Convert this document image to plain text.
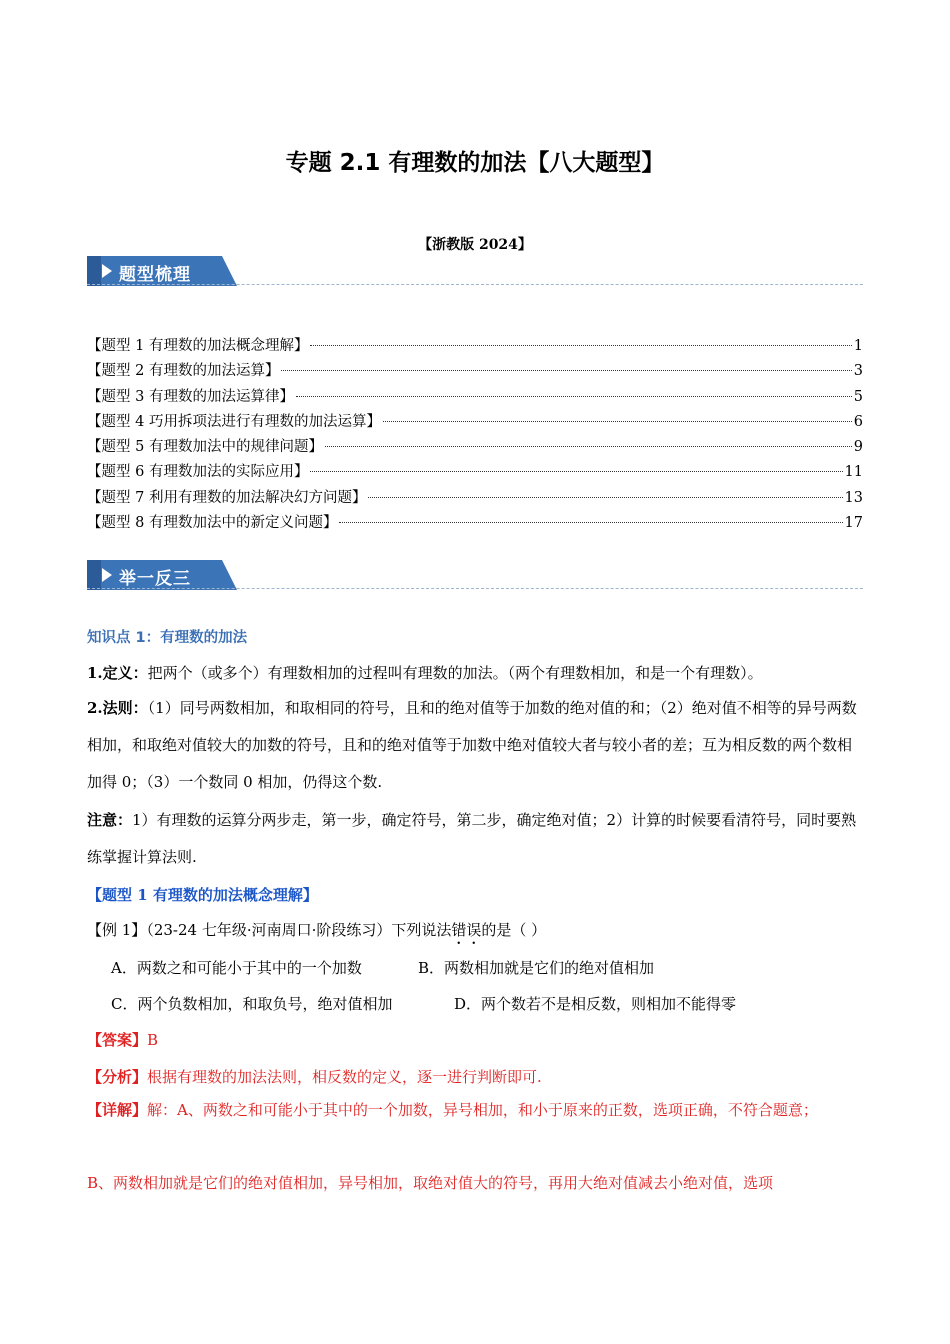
专题 2.1 有理数的加法【八大题型】
【浙教版 2024】
题型梳理
【题型 1 有理数的加法概念理解】	1
【题型 2 有理数的加法运算】	3
【题型 3 有理数的加法运算律】	5
【题型 4 巧用拆项法进行有理数的加法运算】	6
【题型 5 有理数加法中的规律问题】	9
【题型 6 有理数加法的实际应用】	11
【题型 7 利用有理数的加法解决幻方问题】	13
【题型 8 有理数加法中的新定义问题】	17
举一反三
知识点 1：有理数的加法
1.定义：把两个（或多个）有理数相加的过程叫有理数的加法。（两个有理数相加，和是一个有理数）。
2.法则：（1）同号两数相加，和取相同的符号，且和的绝对值等于加数的绝对值的和；（2）绝对值不相等的异号两数相加，和取绝对值较大的加数的符号，且和的绝对值等于加数中绝对值较大者与较小者的差；互为相反数的两个数相加得 0；（3）一个数同 0 相加，仍得这个数.
注意：1）有理数的运算分两步走，第一步，确定符号，第二步，确定绝对值；2）计算的时候要看清符号，同时要熟练掌握计算法则.
【题型 1 有理数的加法概念理解】
【例 1】（23-24 七年级·河南周口·阶段练习）下列说法错误的是（ ）
A．两数之和可能小于其中的一个加数	B．两数相加就是它们的绝对值相加
C．两个负数相加，和取负号，绝对值相加	D．两个数若不是相反数，则相加不能得零
【答案】B
【分析】根据有理数的加法法则，相反数的定义，逐一进行判断即可.
【详解】解：A、两数之和可能小于其中的一个加数，异号相加，和小于原来的正数，选项正确，不符合题意；
B、两数相加就是它们的绝对值相加，异号相加，取绝对值大的符号，再用大绝对值减去小绝对值，选项
